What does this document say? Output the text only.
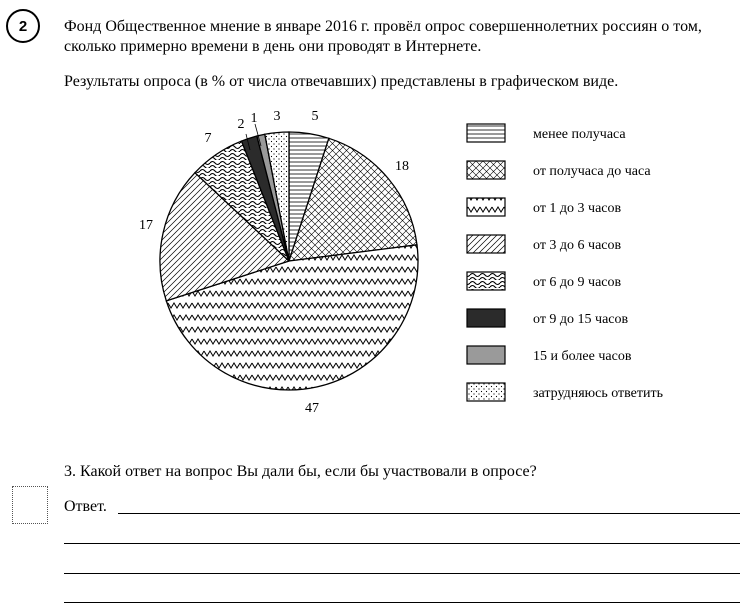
2	Фонд Общественное мнение в январе 2016 г. провёл опрос совершеннолетних россиян о том,

сколько примерно времени в день они проводят в Интернете.

Результаты опроса (в % от числа отвечавших) представлены в графическом виде.

5
18
47
17
7
2 1 3
менее получаса
от получаса до часа
от 1 до 3 часов
от 3 до 6 часов
от 6 до 9 часов
от 9 до 15 часов
15 и более часов
затрудняюсь ответить

3. Какой ответ на вопрос Вы дали бы, если бы участвовали в опросе?

Ответ.
